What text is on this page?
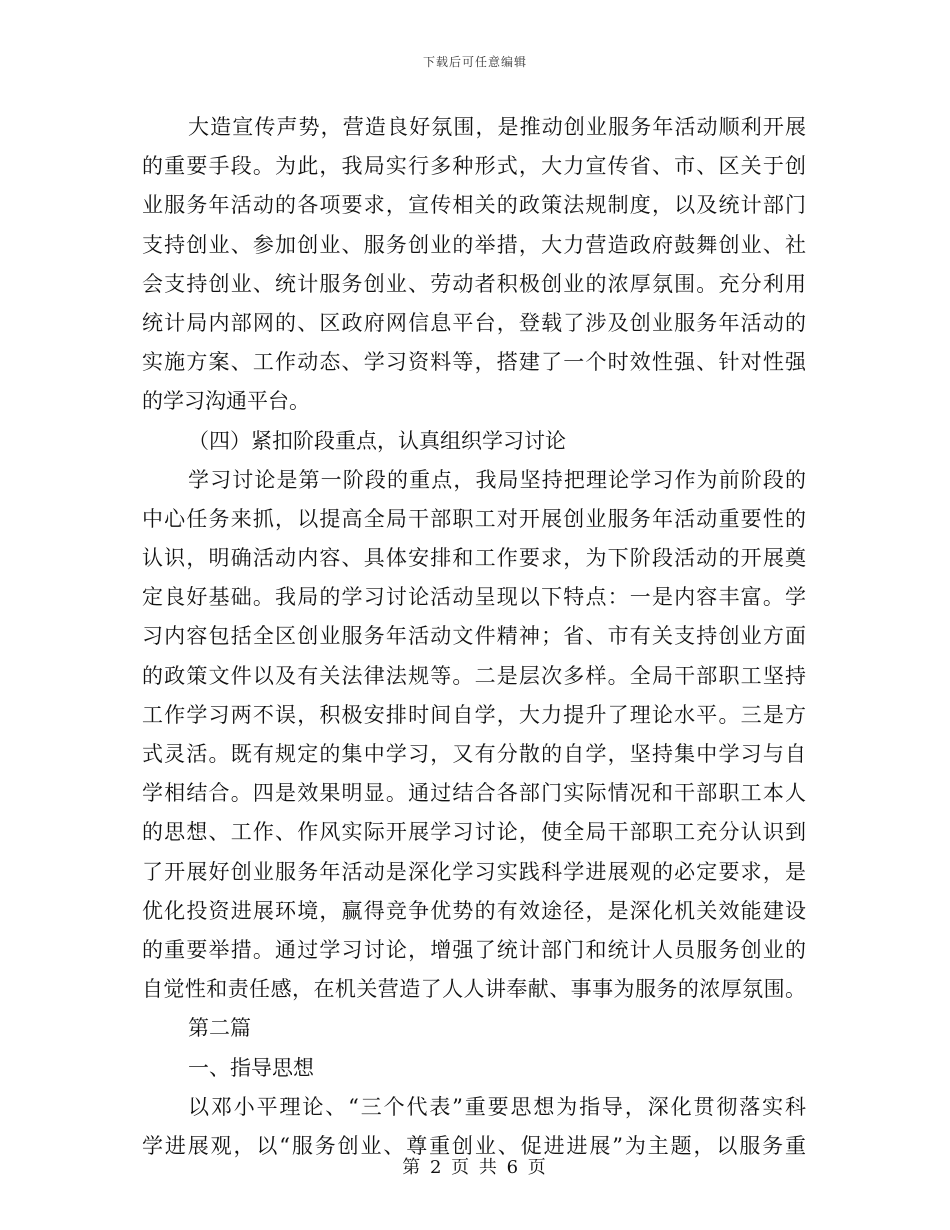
下载后可任意编辑
大造宣传声势，营造良好氛围，是推动创业服务年活动顺利开展
的重要手段。为此，我局实行多种形式，大力宣传省、市、区关于创
业服务年活动的各项要求，宣传相关的政策法规制度，以及统计部门
支持创业、参加创业、服务创业的举措，大力营造政府鼓舞创业、社
会支持创业、统计服务创业、劳动者积极创业的浓厚氛围。充分利用
统计局内部网的、区政府网信息平台，登载了涉及创业服务年活动的
实施方案、工作动态、学习资料等，搭建了一个时效性强、针对性强
的学习沟通平台。
（四）紧扣阶段重点，认真组织学习讨论
学习讨论是第一阶段的重点，我局坚持把理论学习作为前阶段的
中心任务来抓，以提高全局干部职工对开展创业服务年活动重要性的
认识，明确活动内容、具体安排和工作要求，为下阶段活动的开展奠
定良好基础。我局的学习讨论活动呈现以下特点：一是内容丰富。学
习内容包括全区创业服务年活动文件精神；省、市有关支持创业方面
的政策文件以及有关法律法规等。二是层次多样。全局干部职工坚持
工作学习两不误，积极安排时间自学，大力提升了理论水平。三是方
式灵活。既有规定的集中学习，又有分散的自学，坚持集中学习与自
学相结合。四是效果明显。通过结合各部门实际情况和干部职工本人
的思想、工作、作风实际开展学习讨论，使全局干部职工充分认识到
了开展好创业服务年活动是深化学习实践科学进展观的必定要求，是
优化投资进展环境，赢得竞争优势的有效途径，是深化机关效能建设
的重要举措。通过学习讨论，增强了统计部门和统计人员服务创业的
自觉性和责任感，在机关营造了人人讲奉献、事事为服务的浓厚氛围。
第二篇
一、指导思想
以邓小平理论、“三个代表”重要思想为指导，深化贯彻落实科
学进展观，以“服务创业、尊重创业、促进进展”为主题，以服务重
第 2 页 共 6 页
